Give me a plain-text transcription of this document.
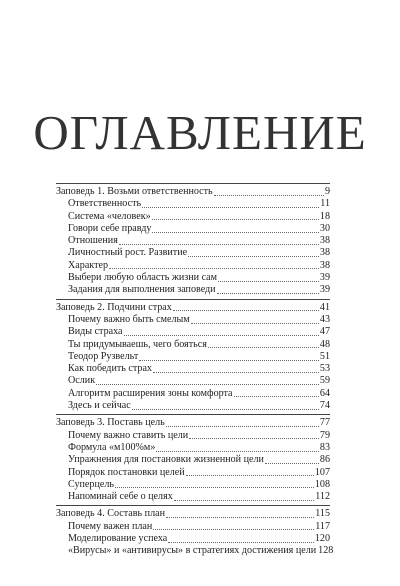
ОГЛАВЛЕНИЕ
Заповедь 1. Возьми ответственность	9
Ответственность	11
Система «человек»	18
Говори себе правду	30
Отношения	38
Личностный рост. Развитие	38
Характер	38
Выбери любую область жизни сам	39
Задания для выполнения заповеди	39
Заповедь 2. Подчини страх	41
Почему важно быть смелым	43
Виды страха	47
Ты придумываешь, чего бояться	48
Теодор Рузвельт	51
Как победить страх	53
Ослик	59
Алгоритм расширения зоны комфорта	64
Здесь и сейчас	74
Заповедь 3. Поставь цель	77
Почему важно ставить цели	79
Формула «м100%м»	83
Упражнения для постановки жизненной цели	86
Порядок постановки целей	107
Суперцель	108
Напоминай себе о целях	112
Заповедь 4. Составь план	115
Почему важен план	117
Моделирование успеха	120
«Вирусы» и «антивирусы» в стратегиях достижения цели 128
